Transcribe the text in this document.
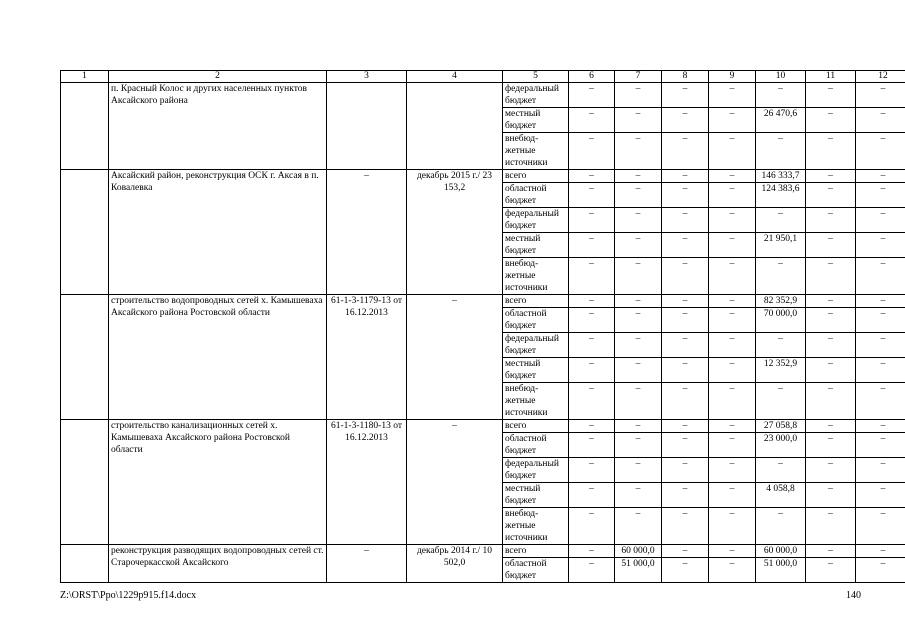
1	2	3	4	5	6	7	8	9	10	11	12
	п. Красный Колос и других населенных пунктов Аксайского района			федеральный бюджет	–	–	–	–	–	–	–
				местный бюджет	–	–	–	–	26 470,6	–	–
				внебюд-жетные источники	–	–	–	–	–	–	–
	Аксайский район, реконструкция ОСК г. Аксая в п. Ковалевка	–	декабрь 2015 г./ 23 153,2	всего	–	–	–	–	146 333,7	–	–
				областной бюджет	–	–	–	–	124 383,6	–	–
				федеральный бюджет	–	–	–	–	–	–	–
				местный бюджет	–	–	–	–	21 950,1	–	–
				внебюд-жетные источники	–	–	–	–	–	–	–
	строительство водопроводных сетей х. Камышеваха Аксайского района Ростовской области	61-1-3-1179-13 от 16.12.2013	–	всего	–	–	–	–	82 352,9	–	–
				областной бюджет	–	–	–	–	70 000,0	–	–
				федеральный бюджет	–	–	–	–	–	–	–
				местный бюджет	–	–	–	–	12 352,9	–	–
				внебюд-жетные источники	–	–	–	–	–	–	–
	строительство канализационных сетей х. Камышеваха Аксайского района Ростовской области	61-1-3-1180-13 от 16.12.2013	–	всего	–	–	–	–	27 058,8	–	–
				областной бюджет	–	–	–	–	23 000,0	–	–
				федеральный бюджет	–	–	–	–	–	–	–
				местный бюджет	–	–	–	–	4 058,8	–	–
				внебюд-жетные источники	–	–	–	–	–	–	–
	реконструкция разводящих водопроводных сетей ст. Старочеркасской Аксайского	–	декабрь 2014 г./ 10 502,0	всего	–	60 000,0	–	–	60 000,0	–	–
				областной бюджет	–	51 000,0	–	–	51 000,0	–	–
Z:\ORST\Ppo\1229p915.f14.docx	140
